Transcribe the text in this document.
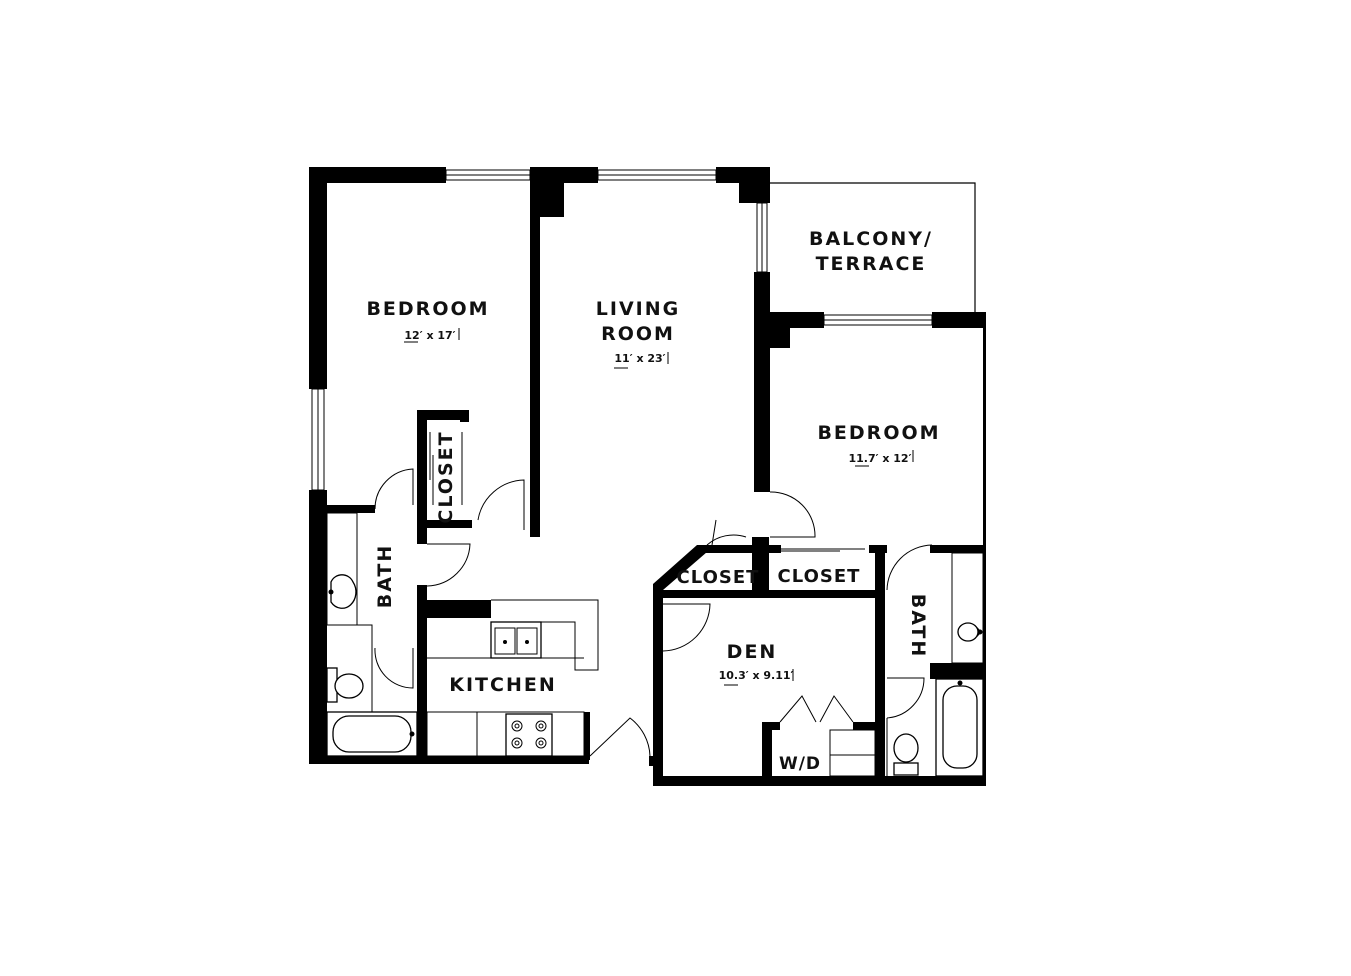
BEDROOM
12′ x 17′
LIVING
ROOM
11′ x 23′
BALCONY/
TERRACE
BEDROOM
11.7′ x 12′
CLOSET
CLOSET CLOSET
BATH
BATH
KITCHEN
DEN
10.3′ x 9.11′
W/D
